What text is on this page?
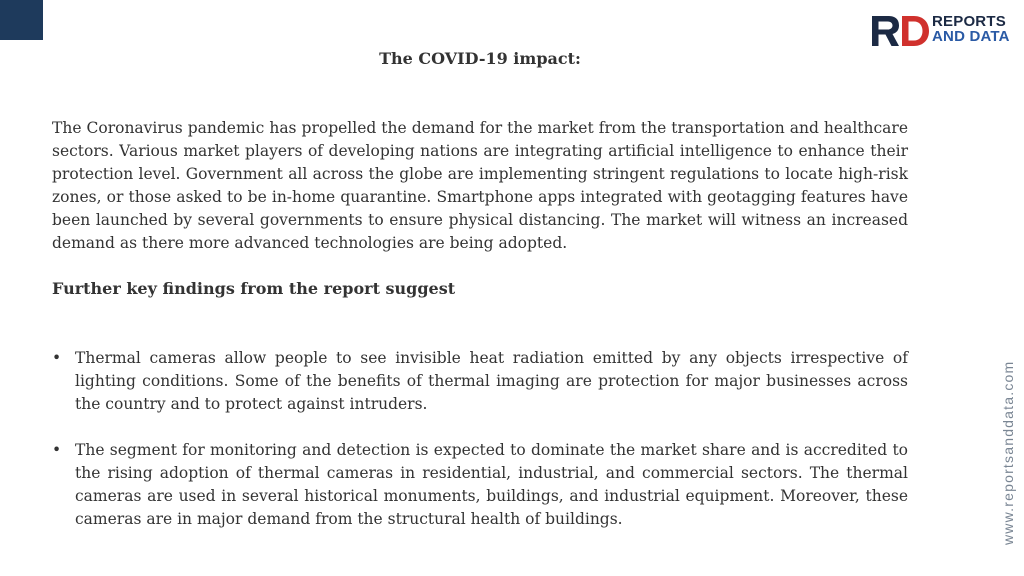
REPORTS
AND DATA
The COVID-19 impact:

The Coronavirus pandemic has propelled the demand for the market from the transportation and healthcare sectors. Various market players of developing nations are integrating artificial intelligence to enhance their protection level. Government all across the globe are implementing stringent regulations to locate high-risk zones, or those asked to be in-home quarantine. Smartphone apps integrated with geotagging features have been launched by several governments to ensure physical distancing. The market will witness an increased demand as there more advanced technologies are being adopted.

Further key findings from the report suggest

• Thermal cameras allow people to see invisible heat radiation emitted by any objects irrespective of lighting conditions. Some of the benefits of thermal imaging are protection for major businesses across the country and to protect against intruders.
• The segment for monitoring and detection is expected to dominate the market share and is accredited to the rising adoption of thermal cameras in residential, industrial, and commercial sectors. The thermal cameras are used in several historical monuments, buildings, and industrial equipment. Moreover, these cameras are in major demand from the structural health of buildings.	www.reportsanddata.com
